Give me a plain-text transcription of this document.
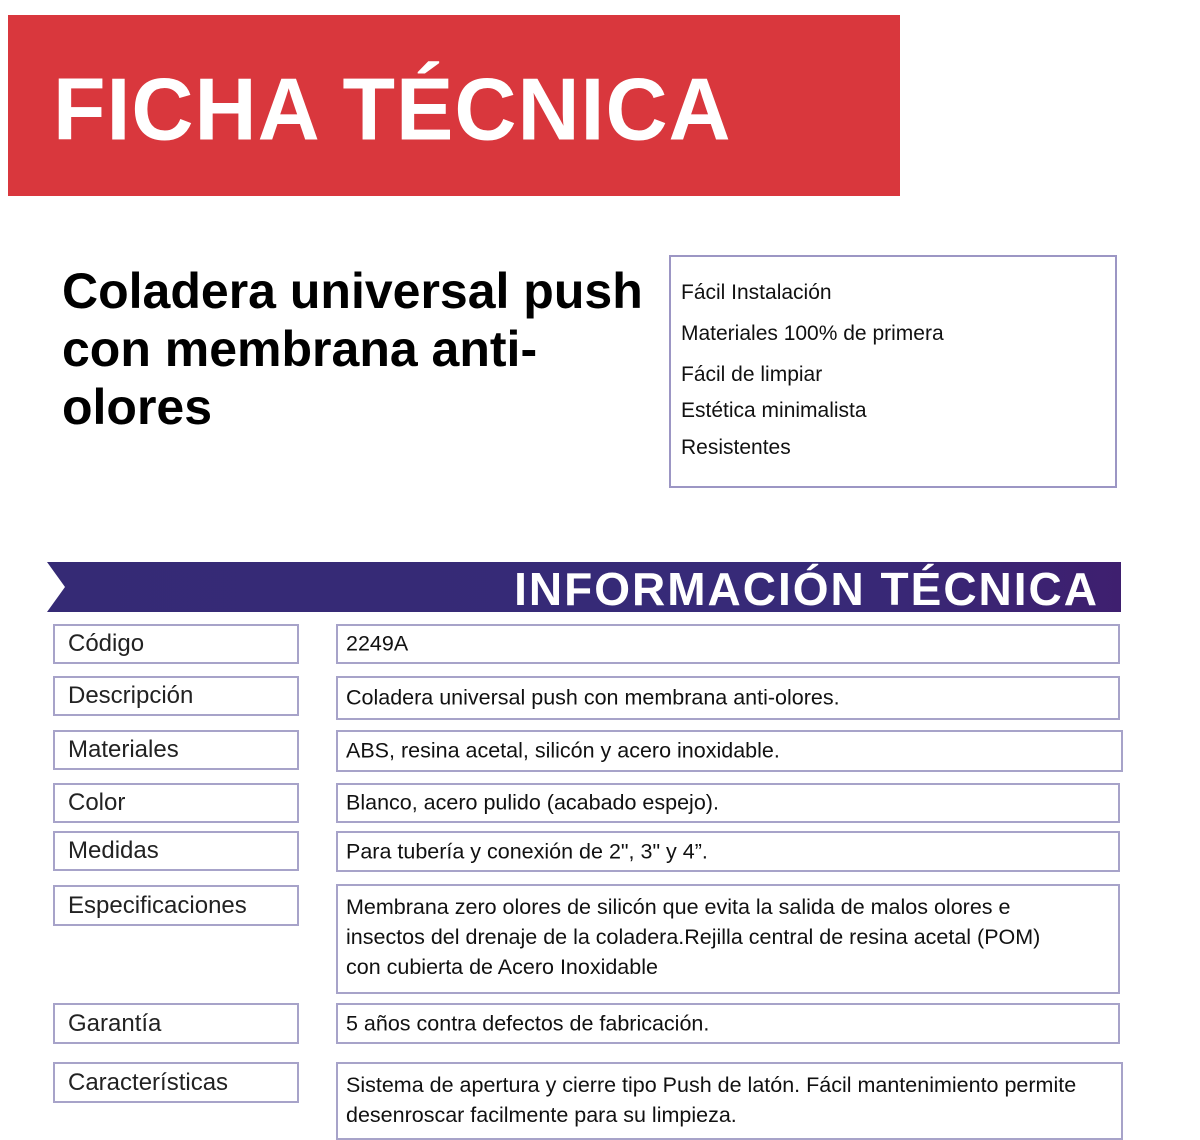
FICHA TÉCNICA
Coladera universal push con membrana anti-olores
Fácil Instalación
Materiales 100% de primera
Fácil de limpiar
Estética minimalista
Resistentes
INFORMACIÓN TÉCNICA
Código	2249A
Descripción	Coladera universal push con membrana anti-olores.
Materiales	ABS, resina acetal, silicón y acero inoxidable.
Color	Blanco, acero pulido (acabado espejo).
Medidas	Para tubería y conexión de 2", 3" y 4”.
Especificaciones	Membrana zero olores de silicón que evita la salida de malos olores e insectos del drenaje de la coladera.Rejilla central de resina acetal (POM) con cubierta de Acero Inoxidable
Garantía	5 años contra defectos de fabricación.
Características	Sistema de apertura y cierre tipo Push de latón. Fácil mantenimiento permite desenroscar facilmente para su limpieza.
